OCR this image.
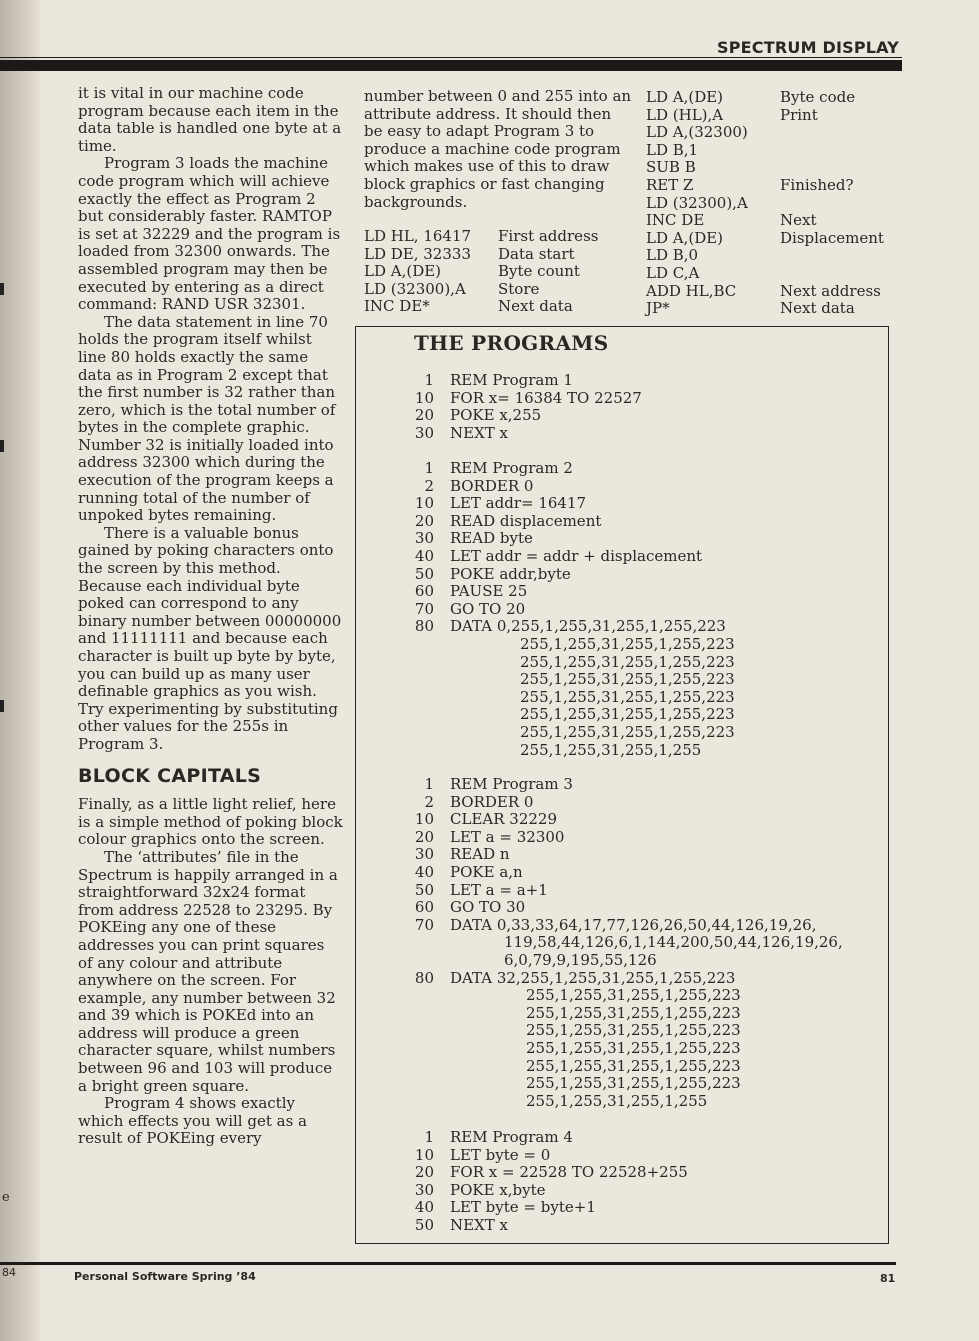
e
84
SPECTRUM DISPLAY

it is vital in our machine code program because each item in the data table is handled one byte at a time.

Program 3 loads the machine code program which will achieve exactly the effect as Program 2 but considerably faster. RAMTOP is set at 32229 and the program is loaded from 32300 onwards. The assembled program may then be executed by entering as a direct command: RAND USR 32301.

The data statement in line 70 holds the program itself whilst line 80 holds exactly the same data as in Program 2 except that the first number is 32 rather than zero, which is the total number of bytes in the complete graphic. Number 32 is initially loaded into address 32300 which during the execution of the program keeps a running total of the number of unpoked bytes remaining.

There is a valuable bonus gained by poking characters onto the screen by this method. Because each individual byte poked can correspond to any binary number between 00000000 and 11111111 and because each character is built up byte by byte, you can build up as many user definable graphics as you wish. Try experimenting by substituting other values for the 255s in Program 3.

BLOCK CAPITALS

Finally, as a little light relief, here is a simple method of poking block colour graphics onto the screen.

The ‘attributes’ file in the Spectrum is happily arranged in a straightforward 32x24 format from address 22528 to 23295. By POKEing any one of these addresses you can print squares of any colour and attribute anywhere on the screen. For example, any number between 32 and 39 which is POKEd into an address will produce a green character square, whilst numbers between 96 and 103 will produce a bright green square.

Program 4 shows exactly which effects you will get as a result of POKEing every

number between 0 and 255 into an attribute address. It should then be easy to adapt Program 3 to produce a machine code program which makes use of this to draw block graphics or fast changing backgrounds.

LD HL, 16417	First address
LD DE, 32333	Data start
LD A,(DE)	Byte count
LD (32300),A	Store
INC DE*	Next data
LD A,(DE)	Byte code
LD (HL),A	Print
LD A,(32300)
LD B,1
SUB B
RET Z	Finished?
LD (32300),A
INC DE	Next
LD A,(DE)	Displacement
LD B,0
LD C,A
ADD HL,BC	Next address
JP*	Next data
THE PROGRAMS
1 REM Program 1
10 FOR x= 16384 TO 22527
20 POKE x,255
30 NEXT x
1 REM Program 2
2 BORDER 0
10 LET addr= 16417
20 READ displacement
30 READ byte
40 LET addr = addr + displacement
50 POKE addr,byte
60 PAUSE 25
70 GO TO 20
80 DATA 0,255,1,255,31,255,1,255,223
255,1,255,31,255,1,255,223
255,1,255,31,255,1,255,223
255,1,255,31,255,1,255,223
255,1,255,31,255,1,255,223
255,1,255,31,255,1,255,223
255,1,255,31,255,1,255,223
255,1,255,31,255,1,255
1 REM Program 3
2 BORDER 0
10 CLEAR 32229
20 LET a = 32300
30 READ n
40 POKE a,n
50 LET a = a+1
60 GO TO 30
70 DATA 0,33,33,64,17,77,126,26,50,44,126,19,26,
119,58,44,126,6,1,144,200,50,44,126,19,26,
6,0,79,9,195,55,126
80 DATA 32,255,1,255,31,255,1,255,223
255,1,255,31,255,1,255,223
255,1,255,31,255,1,255,223
255,1,255,31,255,1,255,223
255,1,255,31,255,1,255,223
255,1,255,31,255,1,255,223
255,1,255,31,255,1,255,223
255,1,255,31,255,1,255
1 REM Program 4
10 LET byte = 0
20 FOR x = 22528 TO 22528+255
30 POKE x,byte
40 LET byte = byte+1
50 NEXT x
Personal Software Spring ’84	81
